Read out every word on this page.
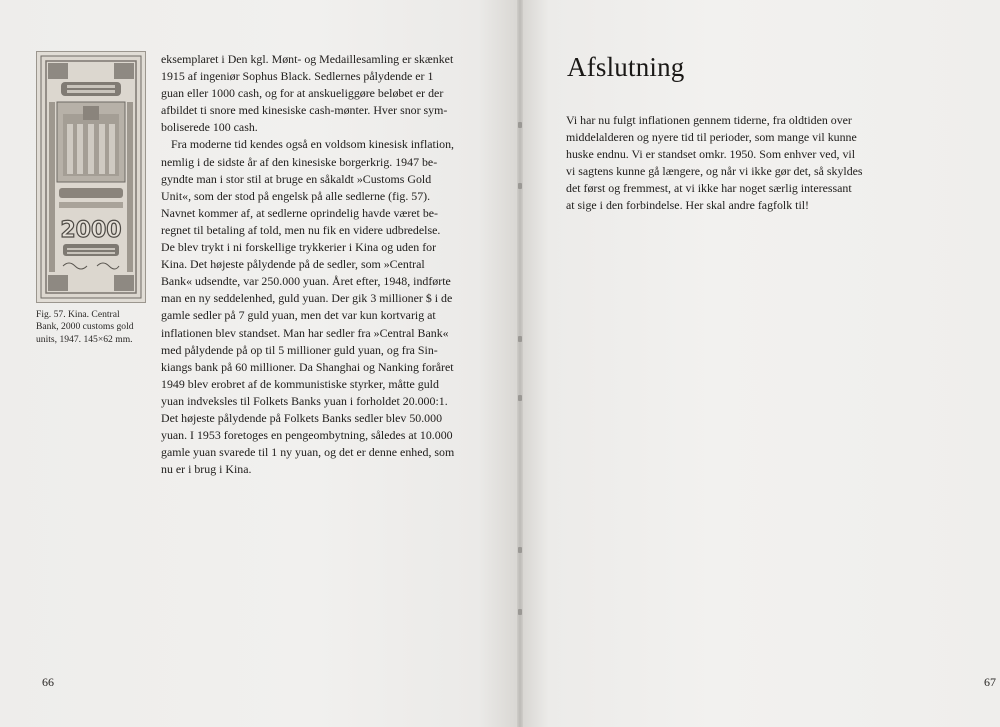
2000
Fig. 57. Kina. Central
Bank, 2000 customs gold
units, 1947. 145×62 mm.
eksemplaret i Den kgl. Mønt- og Medaillesamling er skænket
1915 af ingeniør Sophus Black. Sedlernes pålydende er 1
guan eller 1000 cash, og for at anskueliggøre beløbet er der
afbildet ti snore med kinesiske cash-mønter. Hver snor sym-
boliserede 100 cash.
Fra moderne tid kendes også en voldsom kinesisk inflation,
nemlig i de sidste år af den kinesiske borgerkrig. 1947 be-
gyndte man i stor stil at bruge en såkaldt »Customs Gold
Unit«, som der stod på engelsk på alle sedlerne (fig. 57).
Navnet kommer af, at sedlerne oprindelig havde været be-
regnet til betaling af told, men nu fik en videre udbredelse.
De blev trykt i ni forskellige trykkerier i Kina og uden for
Kina. Det højeste pålydende på de sedler, som »Central
Bank« udsendte, var 250.000 yuan. Året efter, 1948, indførte
man en ny seddelenhed, guld yuan. Der gik 3 millioner $ i de
gamle sedler på 7 guld yuan, men det var kun kortvarig at
inflationen blev standset. Man har sedler fra »Central Bank«
med pålydende på op til 5 millioner guld yuan, og fra Sin-
kiangs bank på 60 millioner. Da Shanghai og Nanking foråret
1949 blev erobret af de kommunistiske styrker, måtte guld
yuan indveksles til Folkets Banks yuan i forholdet 20.000:1.
Det højeste pålydende på Folkets Banks sedler blev 50.000
yuan. I 1953 foretoges en pengeombytning, således at 10.000
gamle yuan svarede til 1 ny yuan, og det er denne enhed, som
nu er i brug i Kina.
66
Afslutning
Vi har nu fulgt inflationen gennem tiderne, fra oldtiden over
middelalderen og nyere tid til perioder, som mange vil kunne
huske endnu. Vi er standset omkr. 1950. Som enhver ved, vil
vi sagtens kunne gå længere, og når vi ikke gør det, så skyldes
det først og fremmest, at vi ikke har noget særlig interessant
at sige i den forbindelse. Her skal andre fagfolk til!
67
